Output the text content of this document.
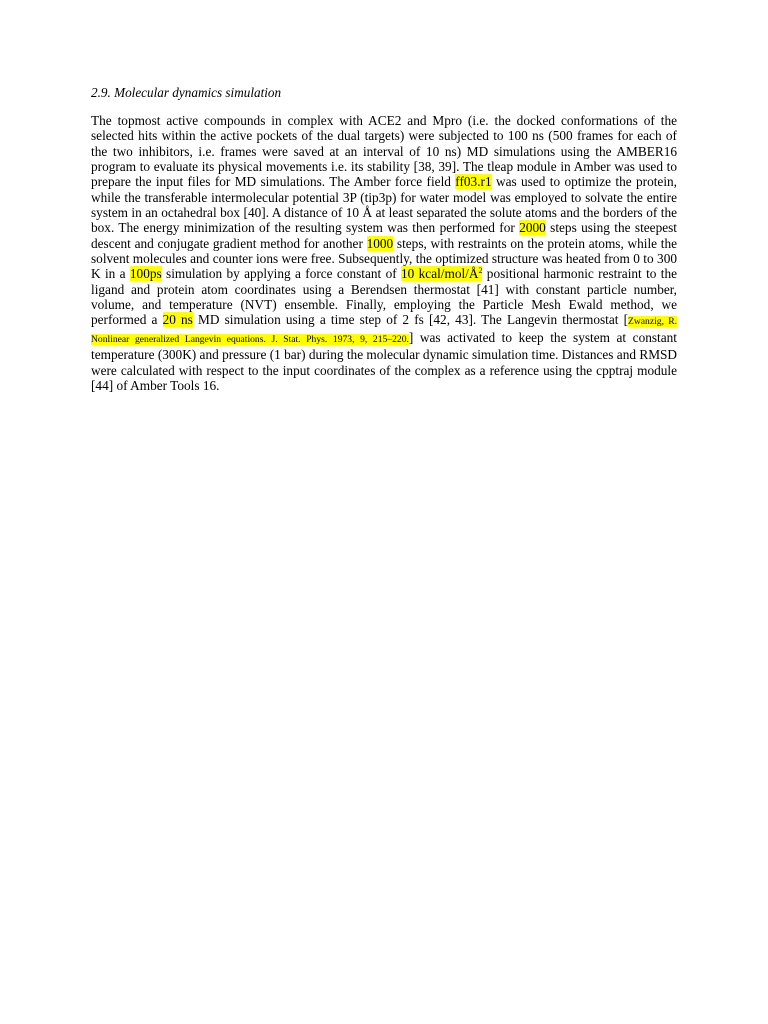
2.9. Molecular dynamics simulation

The topmost active compounds in complex with ACE2 and Mpro (i.e. the docked conformations of the selected hits within the active pockets of the dual targets) were subjected to 100 ns (500 frames for each of the two inhibitors, i.e. frames were saved at an interval of 10 ns) MD simulations using the AMBER16 program to evaluate its physical movements i.e. its stability [38, 39]. The tleap module in Amber was used to prepare the input files for MD simulations. The Amber force field ff03.r1 was used to optimize the protein, while the transferable intermolecular potential 3P (tip3p) for water model was employed to solvate the entire system in an octahedral box [40]. A distance of 10 Å at least separated the solute atoms and the borders of the box. The energy minimization of the resulting system was then performed for 2000 steps using the steepest descent and conjugate gradient method for another 1000 steps, with restraints on the protein atoms, while the solvent molecules and counter ions were free. Subsequently, the optimized structure was heated from 0 to 300 K in a 100ps simulation by applying a force constant of 10 kcal/$mol/Å^2$ positional harmonic restraint to the ligand and protein atom coordinates using a Berendsen thermostat [41] with constant particle number, volume, and temperature (NVT) ensemble. Finally, employing the Particle Mesh Ewald method, we performed a 20 ns MD simulation using a time step of 2 fs [42, 43]. The Langevin thermostat [Zwanzig, R. Nonlinear generalized Langevin equations. J. Stat. Phys. 1973, 9, 215–220.] was activated to keep the system at constant temperature (300K) and pressure (1 bar) during the molecular dynamic simulation time. Distances and RMSD were calculated with respect to the input coordinates of the complex as a reference using the cpptraj module [44] of Amber Tools 16.
